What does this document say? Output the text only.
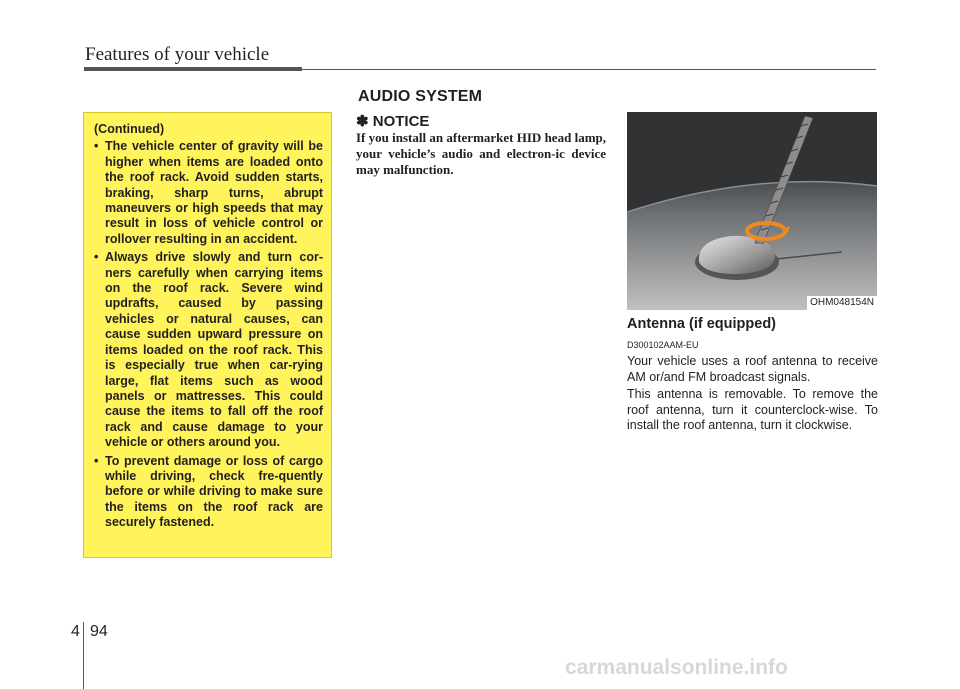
Features of your vehicle
AUDIO SYSTEM
(Continued)
• The vehicle center of gravity will be higher when items are loaded onto the roof rack. Avoid sudden starts, braking, sharp turns, abrupt maneuvers or high speeds that may result in loss of vehicle control or rollover resulting in an accident.
• Always drive slowly and turn cor-ners carefully when carrying items on the roof rack. Severe wind updrafts, caused by passing vehicles or natural causes, can cause sudden upward pressure on items loaded on the roof rack. This is especially true when car-rying large, flat items such as wood panels or mattresses. This could cause the items to fall off the roof rack and cause damage to your vehicle or others around you.
• To prevent damage or loss of cargo while driving, check fre-quently before or while driving to make sure the items on the roof rack are securely fastened.
✽ NOTICE
If you install an aftermarket HID head lamp, your vehicle’s audio and electron-ic device may malfunction.
OHM048154N
Antenna (if equipped)
D300102AAM-EU
Your vehicle uses a roof antenna to receive AM or/and FM broadcast signals.
This antenna is removable. To remove the roof antenna, turn it counterclock-wise. To install the roof antenna, turn it clockwise.
4 94
carmanualsonline.info
